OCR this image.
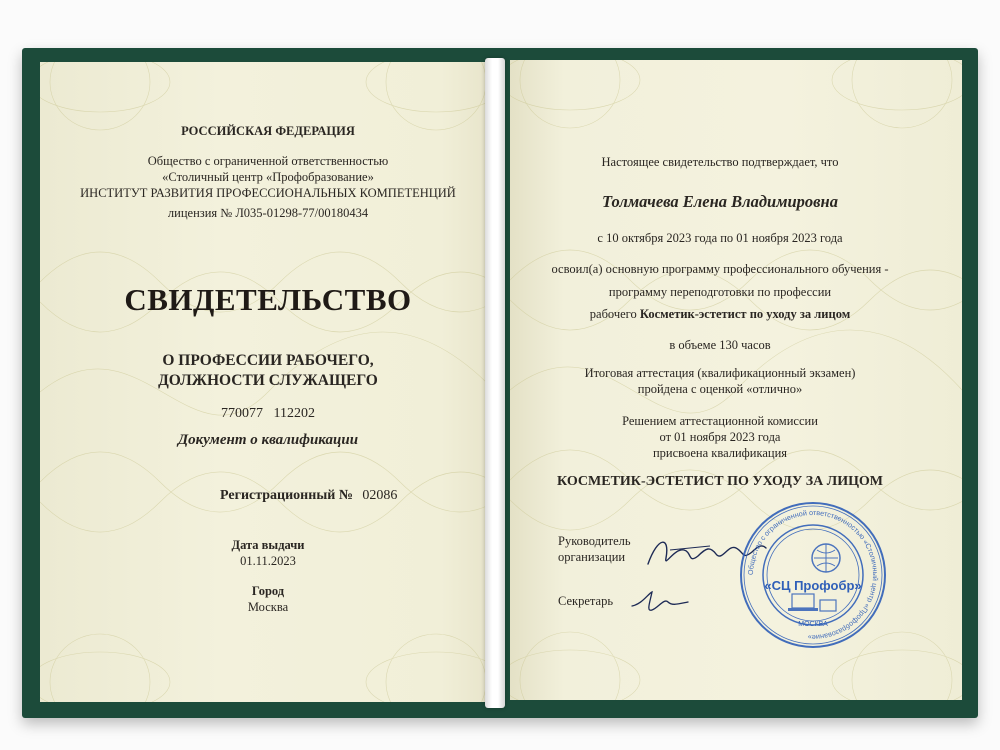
РОССИЙСКАЯ ФЕДЕРАЦИЯ
Общество с ограниченной ответственностью
«Столичный центр «Профобразование»
ИНСТИТУТ РАЗВИТИЯ ПРОФЕССИОНАЛЬНЫХ КОМПЕТЕНЦИЙ
лицензия № Л035-01298-77/00180434
СВИДЕТЕЛЬСТВО
О ПРОФЕССИИ РАБОЧЕГО,
ДОЛЖНОСТИ СЛУЖАЩЕГО
770077   112202
Документ о квалификации
Регистрационный № 02086
Дата выдачи
01.11.2023
Город
Москва
Настоящее свидетельство подтверждает, что
Толмачева Елена Владимировна
с 10 октября 2023 года по 01 ноября 2023 года
освоил(а) основную программу профессионального обучения -
программу переподготовки по профессии
рабочего Косметик-эстетист по уходу за лицом
в объеме 130 часов
Итоговая аттестация (квалификационный экзамен)
пройдена с оценкой «отлично»
Решением аттестационной комиссии
от 01 ноября 2023 года
присвоена квалификация
КОСМЕТИК-ЭСТЕТИСТ ПО УХОДУ ЗА ЛИЦОМ
Руководитель
организации
Секретарь
Общество с ограниченной ответственностью «Столичный центр «Профобразование»
«СЦ Профобр»
МОСКВА
